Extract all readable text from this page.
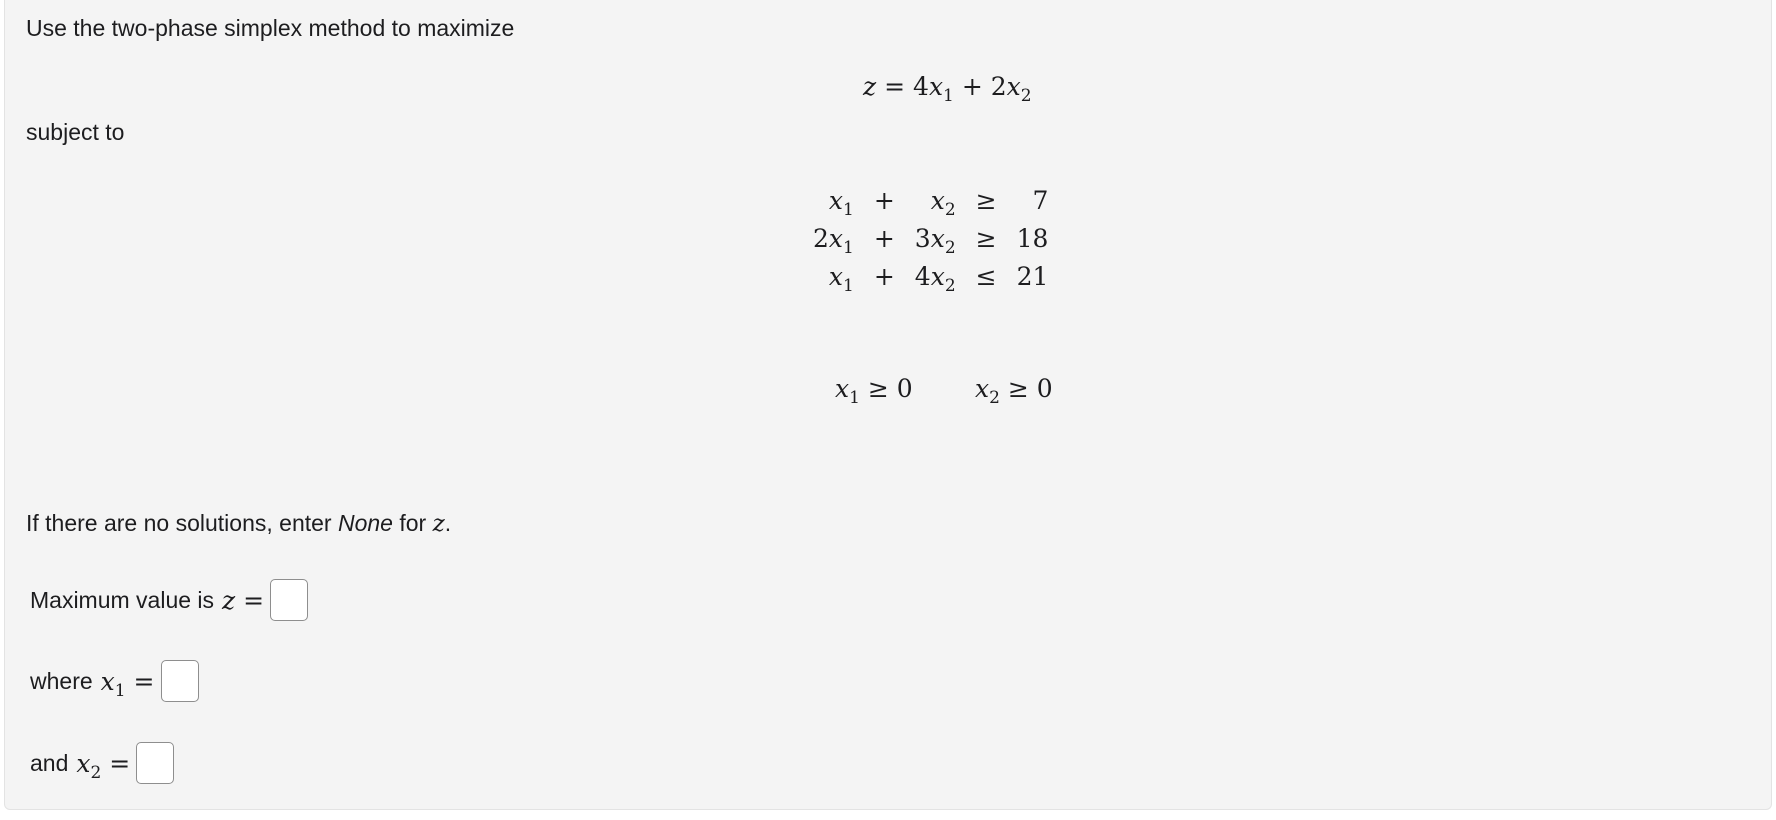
Use the two-phase simplex method to maximize
$z = 4x_1 + 2x_2$
subject to
$x_1$	+	$x_2$	≥	7
$2x_1$	+	$3x_2$	≥	18
$x_1$	+	$4x_2$	≤	21
$x_1 \ge 0$ $x_2 \ge 0$
If there are no solutions, enter None for z.
Maximum value is z =
where $x_1$ =
and $x_2$ =
